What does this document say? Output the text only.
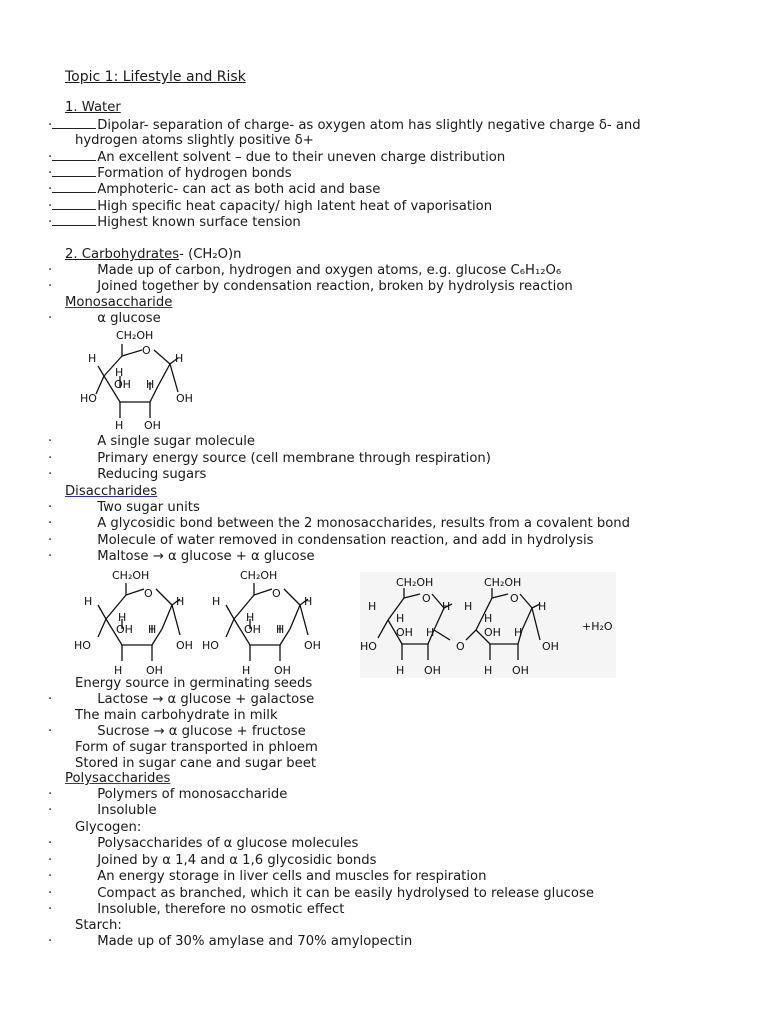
Topic 1: Lifestyle and Risk
1. Water
·	Dipolar- separation of charge- as oxygen atom has slightly negative charge δ- and
hydrogen atoms slightly positive δ+
·	An excellent solvent – due to their uneven charge distribution
·	Formation of hydrogen bonds
·	Amphoteric- can act as both acid and base
·	High specific heat capacity/ high latent heat of vaporisation
·	Highest known surface tension
2. Carbohydrates- (CH₂O)n
·	Made up of carbon, hydrogen and oxygen atoms, e.g. glucose C₆H₁₂O₆
·	Joined together by condensation reaction, broken by hydrolysis reaction
Monosaccharide
·	α glucose
CH₂OH
O
H	H
H
OH H
HO	OH
H OH
·	A single sugar molecule
·	Primary energy source (cell membrane through respiration)
·	Reducing sugars
Disaccharides
·	Two sugar units
·	A glycosidic bond between the 2 monosaccharides, results from a covalent bond
·	Molecule of water removed in condensation reaction, and add in hydrolysis
·	Maltose → α glucose + α glucose
CH₂OH
O
H	H
H
OH H
HO	OH
H OH
CH₂OH
O
H	H
H
OH H
HO	OH
H OH
CH₂OH	CH₂OH
O	O
H	H H	H
H	H
OH H	OH H
HO	O	OH
H OH	H OH
+H₂O
Energy source in germinating seeds
·	Lactose → α glucose + galactose
The main carbohydrate in milk
·	Sucrose → α glucose + fructose
Form of sugar transported in phloem
Stored in sugar cane and sugar beet
Polysaccharides
·	Polymers of monosaccharide
·	Insoluble
Glycogen:
·	Polysaccharides of α glucose molecules
·	Joined by α 1,4 and α 1,6 glycosidic bonds
·	An energy storage in liver cells and muscles for respiration
·	Compact as branched, which it can be easily hydrolysed to release glucose
·	Insoluble, therefore no osmotic effect
Starch:
·	Made up of 30% amylase and 70% amylopectin
